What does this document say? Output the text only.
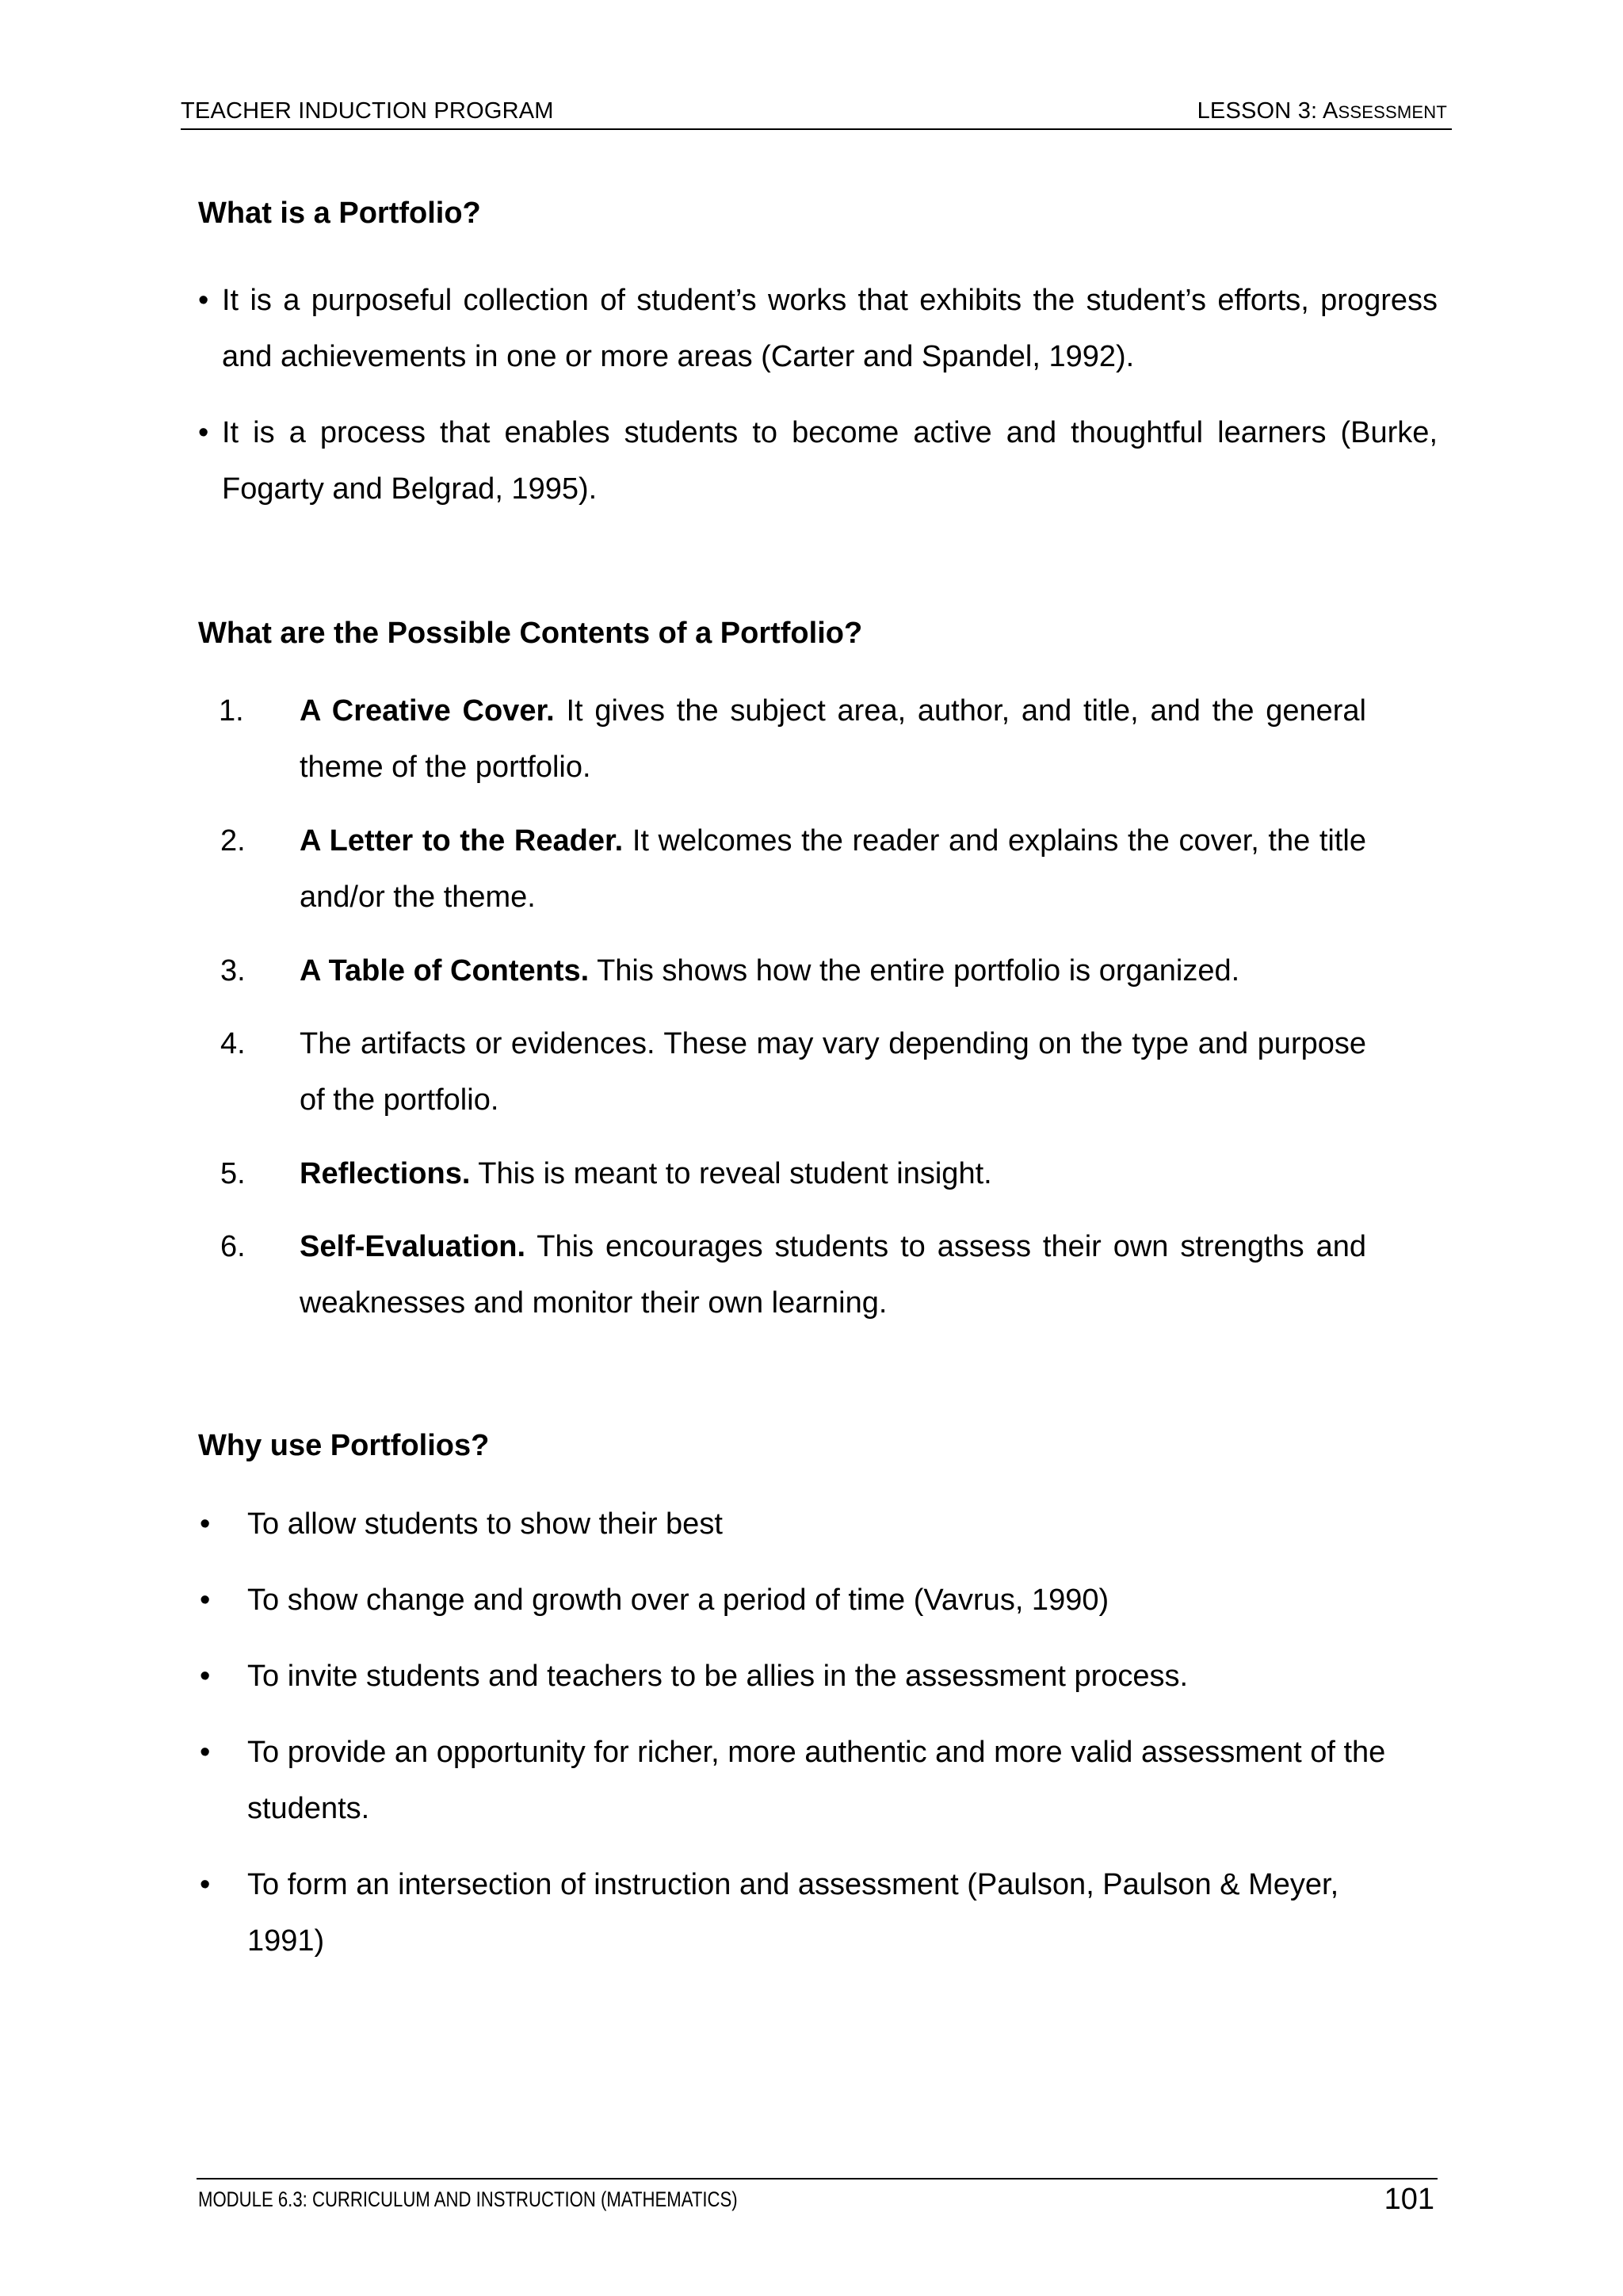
TEACHER INDUCTION PROGRAM	LESSON 3: ASSESSMENT
What is a Portfolio?
• It is a purposeful collection of student’s works that exhibits the student’s efforts, progress and achievements in one or more areas (Carter and Spandel, 1992).
• It is a process that enables students to become active and thoughtful learners (Burke, Fogarty and Belgrad, 1995).
What are the Possible Contents of a Portfolio?
1. A Creative Cover. It gives the subject area, author, and title, and the general theme of the portfolio.
2. A Letter to the Reader. It welcomes the reader and explains the cover, the title and/or the theme.
3. A Table of Contents. This shows how the entire portfolio is organized.
4. The artifacts or evidences. These may vary depending on the type and purpose of the portfolio.
5. Reflections. This is meant to reveal student insight.
6. Self-Evaluation. This encourages students to assess their own strengths and weaknesses and monitor their own learning.
Why use Portfolios?
• To allow students to show their best
• To show change and growth over a period of time (Vavrus, 1990)
• To invite students and teachers to be allies in the assessment process.
• To provide an opportunity for richer, more authentic and more valid assessment of the students.
• To form an intersection of instruction and assessment (Paulson, Paulson & Meyer, 1991)
MODULE 6.3: CURRICULUM AND INSTRUCTION (MATHEMATICS)	101
